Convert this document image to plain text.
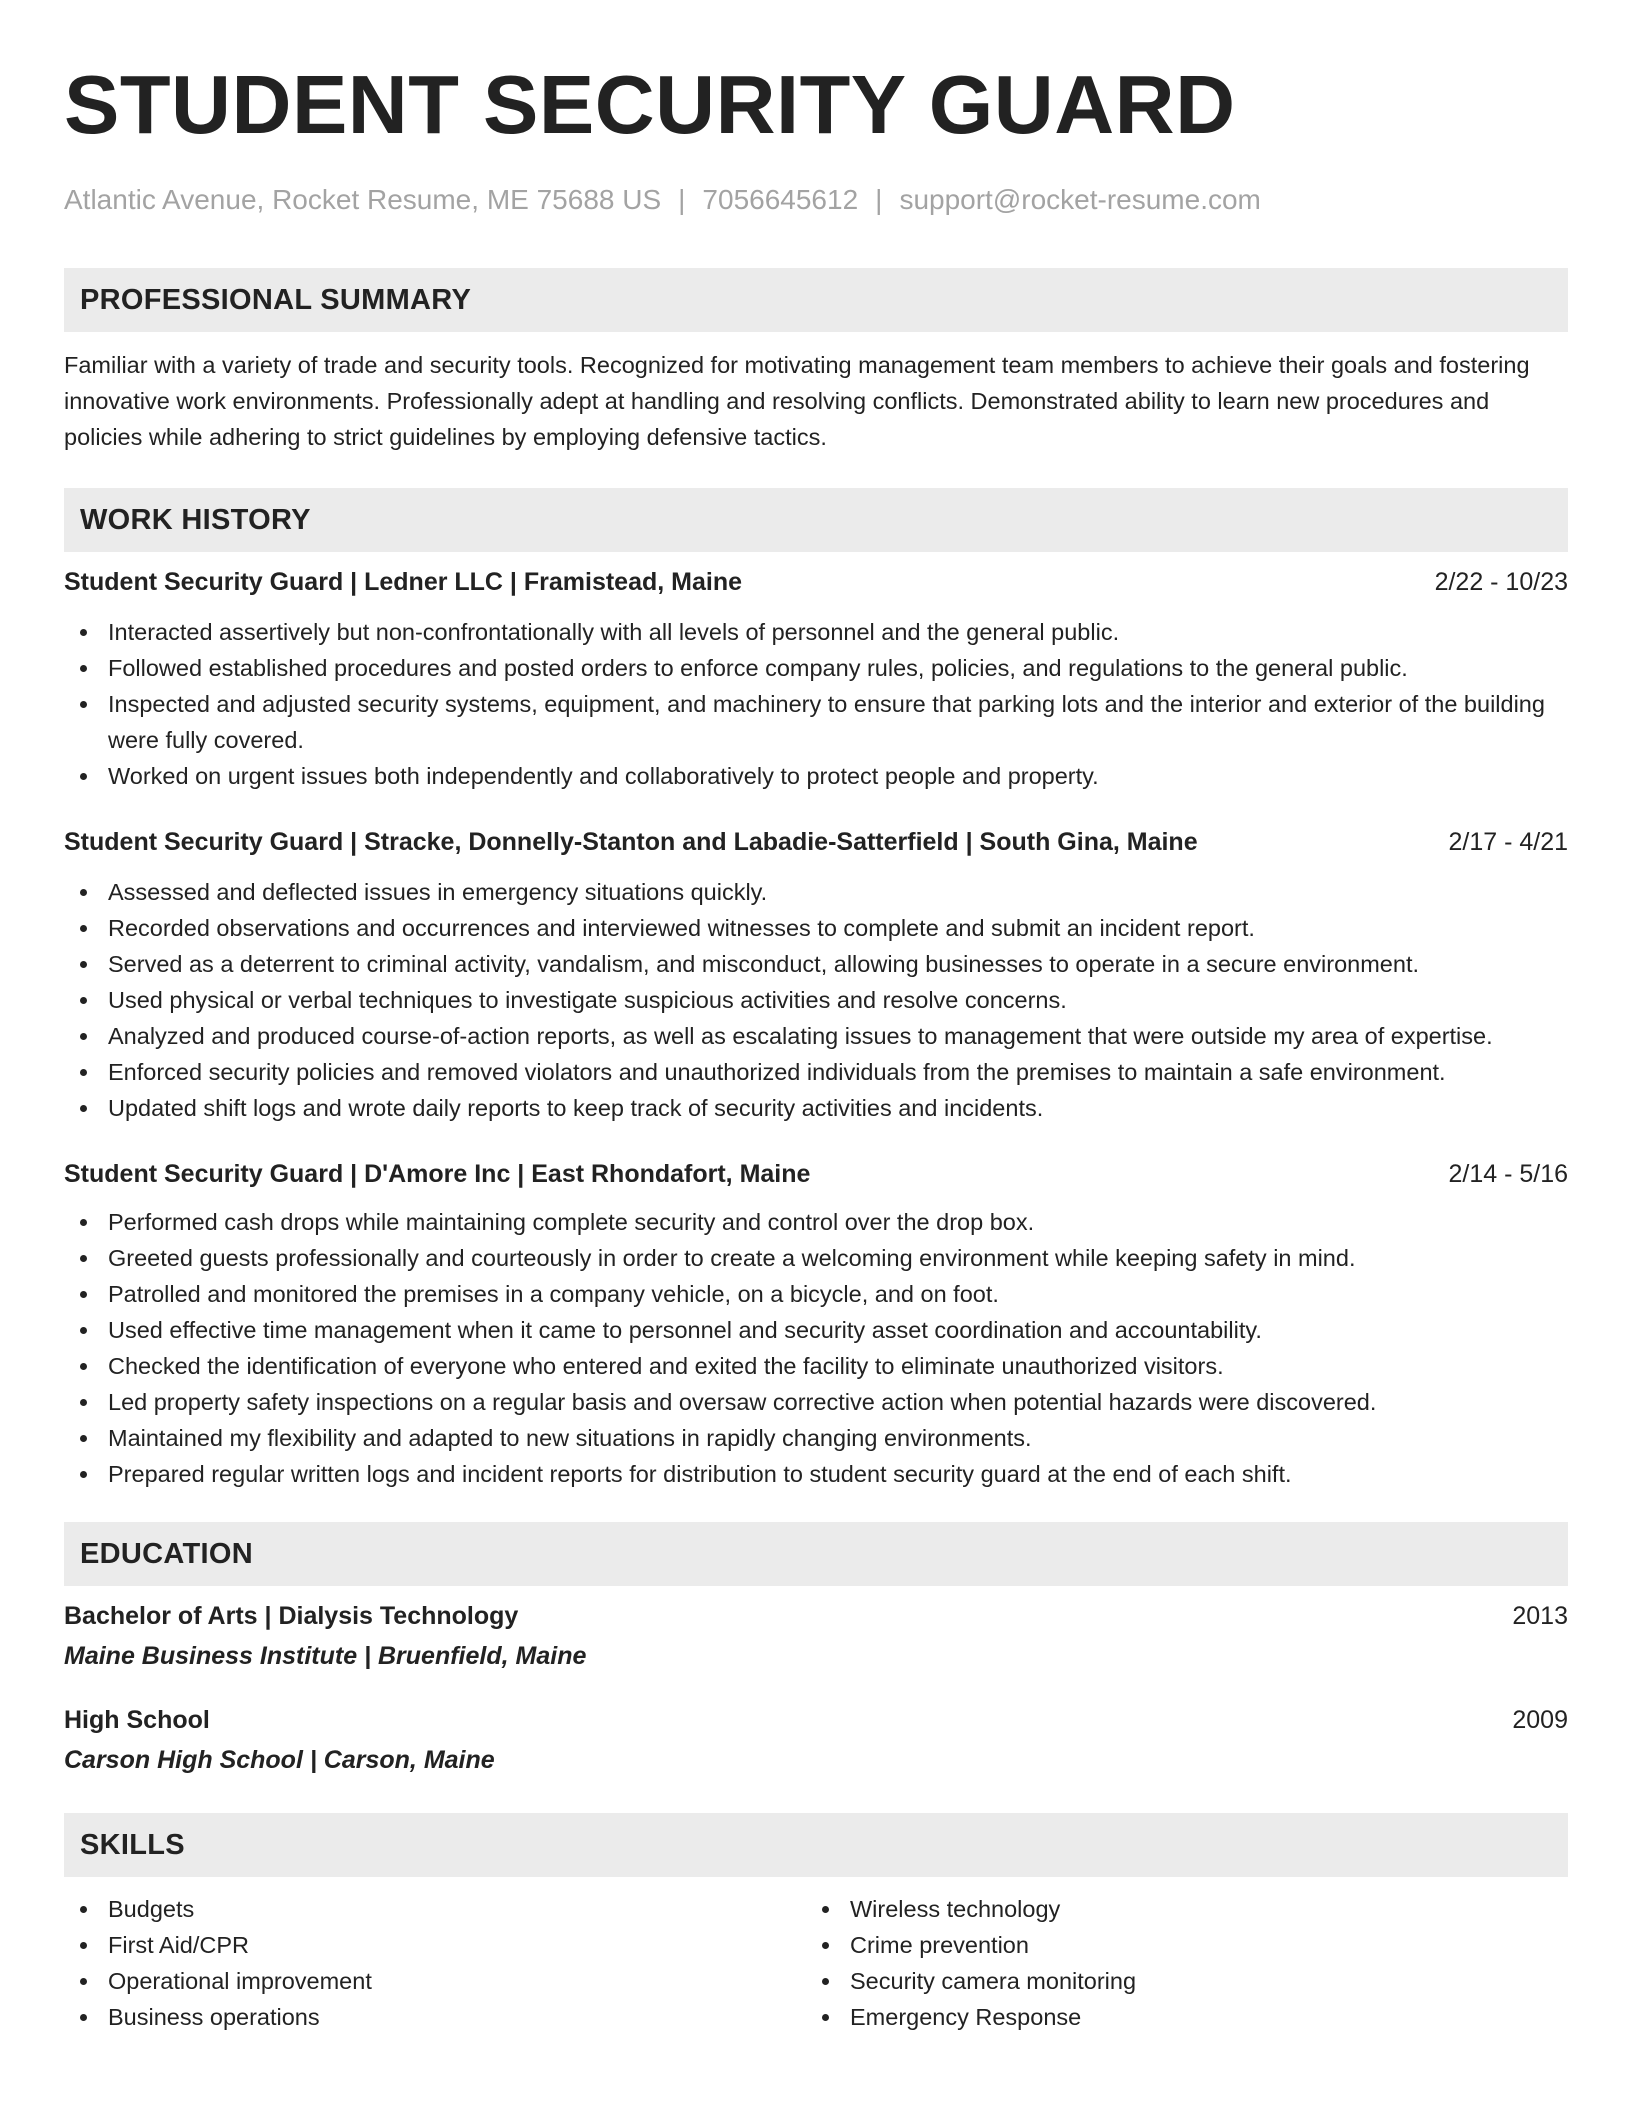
STUDENT SECURITY GUARD
Atlantic Avenue, Rocket Resume, ME 75688 US | 7056645612 | support@rocket-resume.com
PROFESSIONAL SUMMARY

Familiar with a variety of trade and security tools. Recognized for motivating management team members to achieve their goals and fostering innovative work environments. Professionally adept at handling and resolving conflicts. Demonstrated ability to learn new procedures and policies while adhering to strict guidelines by employing defensive tactics.

WORK HISTORY
Student Security Guard | Ledner LLC | Framistead, Maine	2/22 - 10/23
Interacted assertively but non-confrontationally with all levels of personnel and the general public.
Followed established procedures and posted orders to enforce company rules, policies, and regulations to the general public.
Inspected and adjusted security systems, equipment, and machinery to ensure that parking lots and the interior and exterior of the building were fully covered.
Worked on urgent issues both independently and collaboratively to protect people and property.
Student Security Guard | Stracke, Donnelly-Stanton and Labadie-Satterfield | South Gina, Maine	2/17 - 4/21
Assessed and deflected issues in emergency situations quickly.
Recorded observations and occurrences and interviewed witnesses to complete and submit an incident report.
Served as a deterrent to criminal activity, vandalism, and misconduct, allowing businesses to operate in a secure environment.
Used physical or verbal techniques to investigate suspicious activities and resolve concerns.
Analyzed and produced course-of-action reports, as well as escalating issues to management that were outside my area of expertise.
Enforced security policies and removed violators and unauthorized individuals from the premises to maintain a safe environment.
Updated shift logs and wrote daily reports to keep track of security activities and incidents.
Student Security Guard | D'Amore Inc | East Rhondafort, Maine	2/14 - 5/16
Performed cash drops while maintaining complete security and control over the drop box.
Greeted guests professionally and courteously in order to create a welcoming environment while keeping safety in mind.
Patrolled and monitored the premises in a company vehicle, on a bicycle, and on foot.
Used effective time management when it came to personnel and security asset coordination and accountability.
Checked the identification of everyone who entered and exited the facility to eliminate unauthorized visitors.
Led property safety inspections on a regular basis and oversaw corrective action when potential hazards were discovered.
Maintained my flexibility and adapted to new situations in rapidly changing environments.
Prepared regular written logs and incident reports for distribution to student security guard at the end of each shift.
EDUCATION
Bachelor of Arts | Dialysis Technology	2013
Maine Business Institute | Bruenfield, Maine
High School	2009
Carson High School | Carson, Maine
SKILLS
Budgets
First Aid/CPR
Operational improvement
Business operations
Wireless technology
Crime prevention
Security camera monitoring
Emergency Response
